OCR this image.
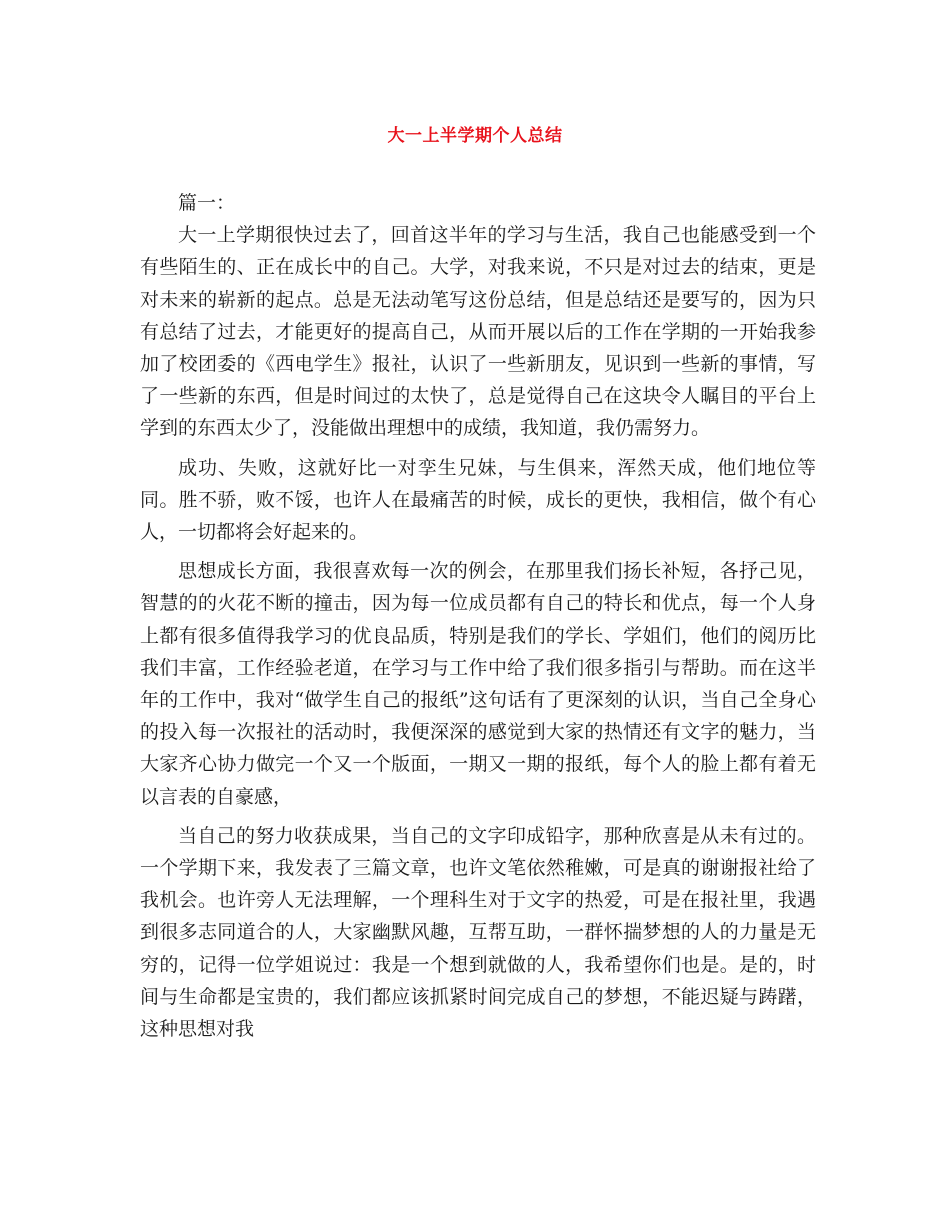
大一上半学期个人总结

篇一：

大一上学期很快过去了，回首这半年的学习与生活，我自己也能感受到一个有些陌生的、正在成长中的自己。大学，对我来说，不只是对过去的结束，更是对未来的崭新的起点。总是无法动笔写这份总结，但是总结还是要写的，因为只有总结了过去，才能更好的提高自己，从而开展以后的工作在学期的一开始我参加了校团委的《西电学生》报社，认识了一些新朋友，见识到一些新的事情，写了一些新的东西，但是时间过的太快了，总是觉得自己在这块令人瞩目的平台上学到的东西太少了，没能做出理想中的成绩，我知道，我仍需努力。

成功、失败，这就好比一对孪生兄妹，与生俱来，浑然天成，他们地位等同。胜不骄，败不馁，也许人在最痛苦的时候，成长的更快，我相信，做个有心人，一切都将会好起来的。

思想成长方面，我很喜欢每一次的例会，在那里我们扬长补短，各抒己见，智慧的的火花不断的撞击，因为每一位成员都有自己的特长和优点，每一个人身上都有很多值得我学习的优良品质，特别是我们的学长、学姐们，他们的阅历比我们丰富，工作经验老道，在学习与工作中给了我们很多指引与帮助。而在这半年的工作中，我对“做学生自己的报纸”这句话有了更深刻的认识，当自己全身心的投入每一次报社的活动时，我便深深的感觉到大家的热情还有文字的魅力，当大家齐心协力做完一个又一个版面，一期又一期的报纸，每个人的脸上都有着无以言表的自豪感，

当自己的努力收获成果，当自己的文字印成铅字，那种欣喜是从未有过的。一个学期下来，我发表了三篇文章，也许文笔依然稚嫩，可是真的谢谢报社给了我机会。也许旁人无法理解，一个理科生对于文字的热爱，可是在报社里，我遇到很多志同道合的人，大家幽默风趣，互帮互助，一群怀揣梦想的人的力量是无穷的，记得一位学姐说过：我是一个想到就做的人，我希望你们也是。是的，时间与生命都是宝贵的，我们都应该抓紧时间完成自己的梦想，不能迟疑与踌躇，这种思想对我
